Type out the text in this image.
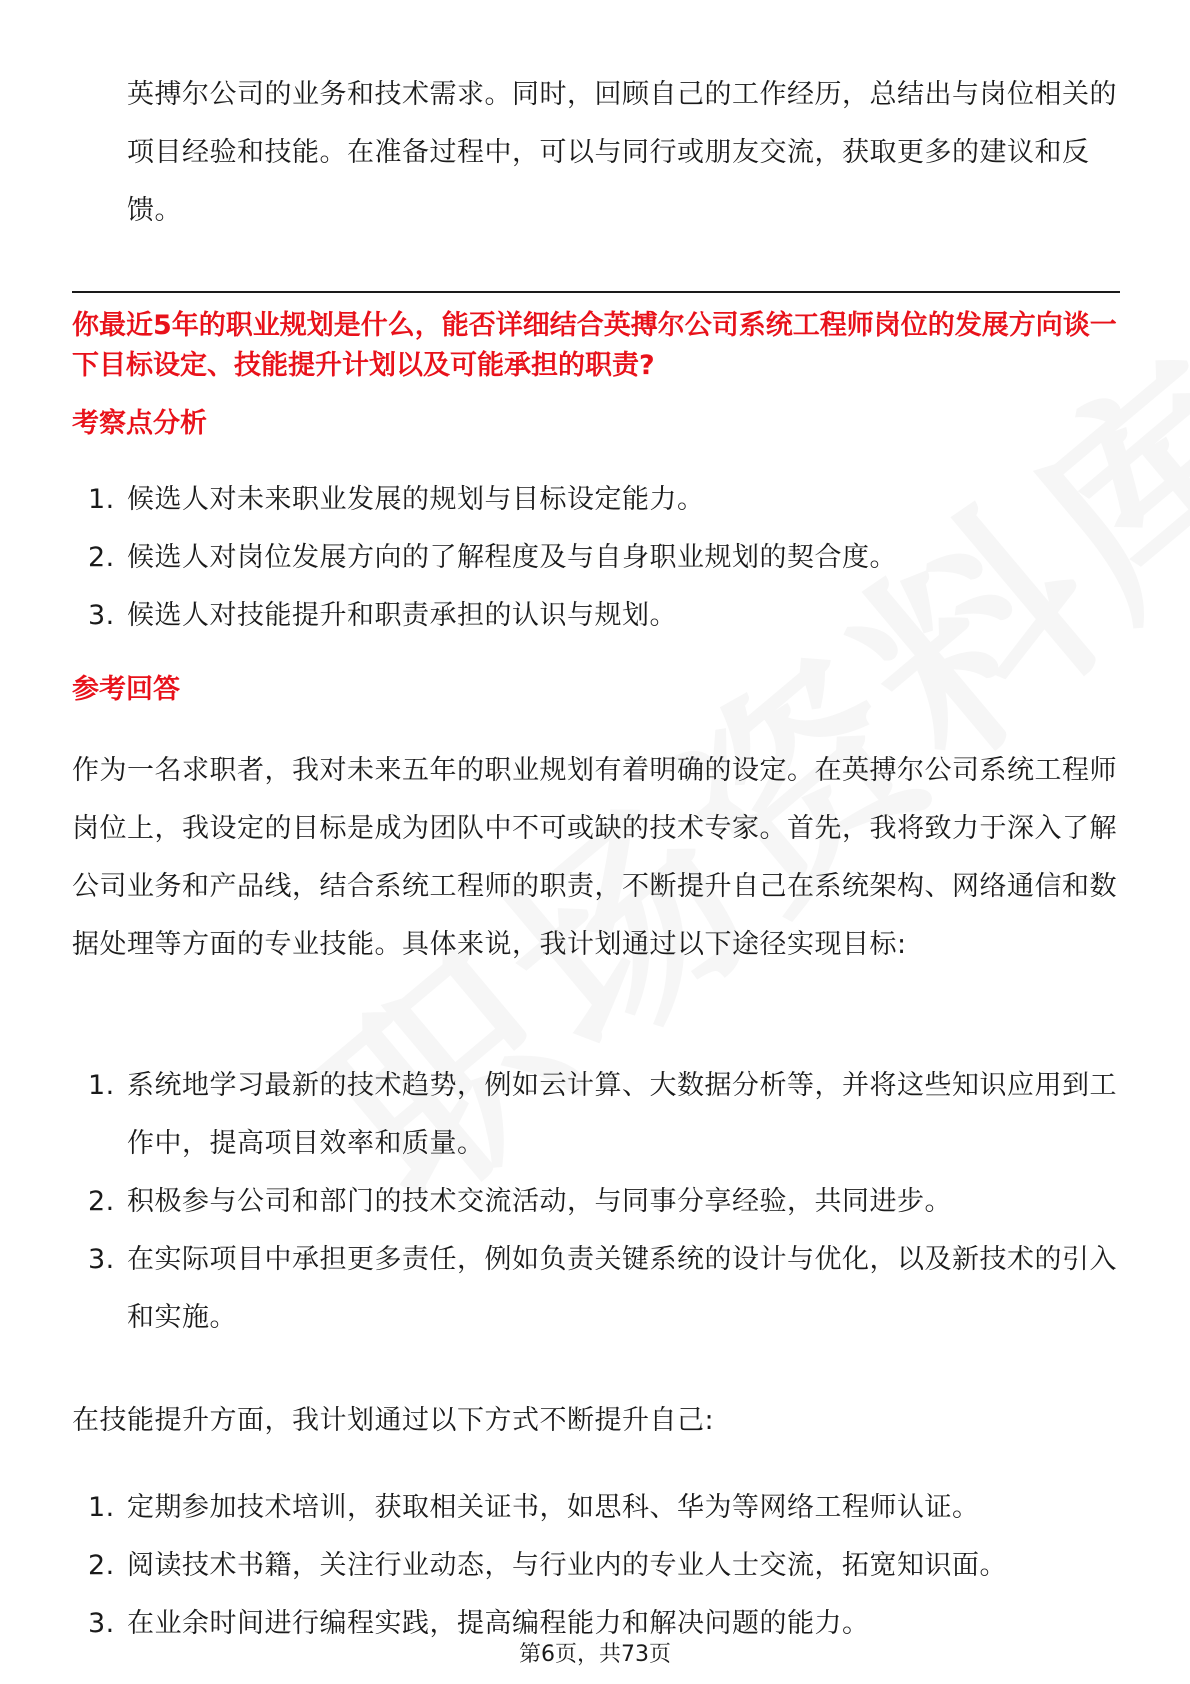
英搏尔公司的业务和技术需求。同时，回顾自己的工作经历，总结出与岗位相关的项目经验和技能。在准备过程中，可以与同行或朋友交流，获取更多的建议和反馈。
你最近5年的职业规划是什么，能否详细结合英搏尔公司系统工程师岗位的发展方向谈一下目标设定、技能提升计划以及可能承担的职责?
考察点分析
1. 候选人对未来职业发展的规划与目标设定能力。
2. 候选人对岗位发展方向的了解程度及与自身职业规划的契合度。
3. 候选人对技能提升和职责承担的认识与规划。
参考回答
作为一名求职者，我对未来五年的职业规划有着明确的设定。在英搏尔公司系统工程师岗位上，我设定的目标是成为团队中不可或缺的技术专家。首先，我将致力于深入了解公司业务和产品线，结合系统工程师的职责，不断提升自己在系统架构、网络通信和数据处理等方面的专业技能。具体来说，我计划通过以下途径实现目标:
1. 系统地学习最新的技术趋势，例如云计算、大数据分析等，并将这些知识应用到工作中，提高项目效率和质量。
2. 积极参与公司和部门的技术交流活动，与同事分享经验，共同进步。
3. 在实际项目中承担更多责任，例如负责关键系统的设计与优化，以及新技术的引入和实施。
在技能提升方面，我计划通过以下方式不断提升自己:
1. 定期参加技术培训，获取相关证书，如思科、华为等网络工程师认证。
2. 阅读技术书籍，关注行业动态，与行业内的专业人士交流，拓宽知识面。
3. 在业余时间进行编程实践，提高编程能力和解决问题的能力。
第6页，共73页
